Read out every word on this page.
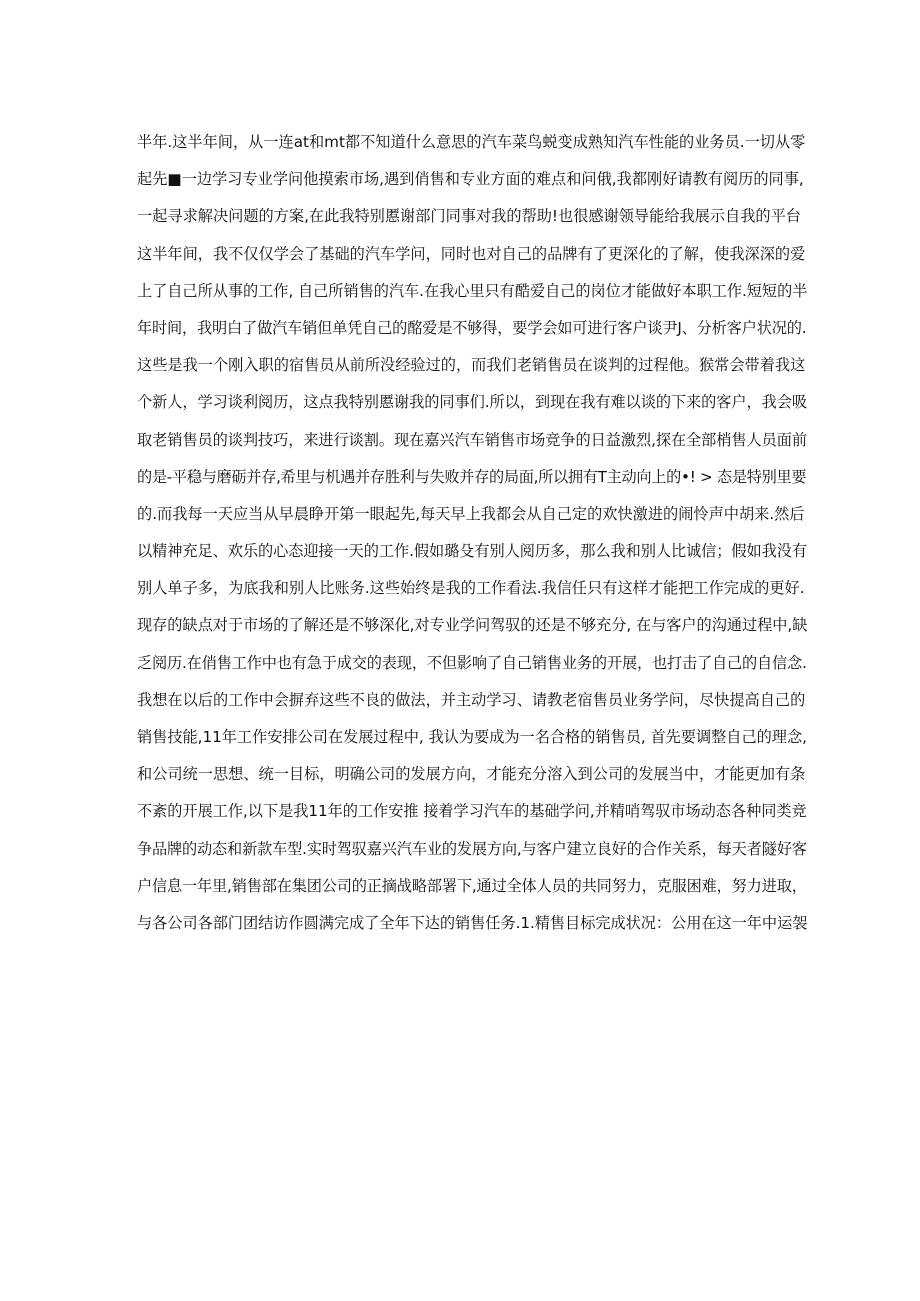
半年.这半年间，从一连at和mt都不知道什么意思的汽车菜鸟蜕变成熟知汽车性能的业务员.一切从零
起先■一边学习专业学问他摸索市场,遇到俏售和专业方面的难点和问俄,我都刚好请教有阅历的同事,
一起寻求解决问题的方案,在此我特别慝谢部门同事对我的帮助!也很感谢领导能给我展示自我的平台
这半年间，我不仅仅学会了基础的汽车学问，同时也对自己的品牌有了更深化的了解，使我深深的爱
上了自己所从事的工作, 自己所销售的汽车.在我心里只有酷爱自己的岗位才能做好本职工作.短短的半
年时间，我明白了做汽车销但单凭自己的酩爱是不够得，要学会如可进行客户谈尹J、分析客户状况的.
这些是我一个刚入职的宿售员从前所没经验过的，而我们老销售员在谈判的过程他。猴常会带着我这
个新人，学习谈利阅历，这点我特别慝谢我的同事们.所以，到现在我有难以谈的下来的客户，我会吸
取老销售员的谈判技巧，来进行谈割。现在嘉兴汽车销售市场竞争的日益激烈,探在全部梢售人员面前
的是-平稳与磨砺并存,希里与机遇并存胜利与失败并存的局面,所以拥有T主动向上的•! > 态是特别里要
的.而我每一天应当从早晨睁开第一眼起先,每天早上我都会从自己定的欢快激进的闹怜声中胡来.然后
以精神充足、欢乐的心态迎接一天的工作.假如璐殳有别人阅历多，那么我和别人比诚信；假如我没有
别人单子多，为底我和别人比账务.这些始终是我的工作看法.我信任只有这样才能把工作完成的更好.
现存的缺点对于市场的了解还是不够深化,对专业学问驾驭的还是不够充分, 在与客户的沟通过程中,缺
乏阅历.在俏售工作中也有急于成交的表现，不但影响了自己销售业务的开展，也打击了自己的自信念.
我想在以后的工作中会摒弃这些不良的做法，并主动学习、请教老宿售员业务学问，尽快提高自己的
销售技能,11年工作安排公司在发展过程中, 我认为要成为一名合格的销售员, 首先要调整自己的理念,
和公司统一思想、统一目标，明确公司的发展方向，才能充分溶入到公司的发展当中，才能更加有条
不紊的开展工作,以下是我11年的工作安推 接着学习汽车的基础学问,并精哨驾驭市场动态各种同类竞
争品牌的动态和新款车型.实时驾驭嘉兴汽车业的发展方向,与客户建立良好的合作关系，每天者隧好客
户信息一年里,销售部在集团公司的正摘战略部署下,通过全体人员的共同努力，克服困难，努力进取，
与各公司各部门团结访作圆满完成了全年下达的销售任务.1.精售目标完成状况：公用在这一年中运袈
